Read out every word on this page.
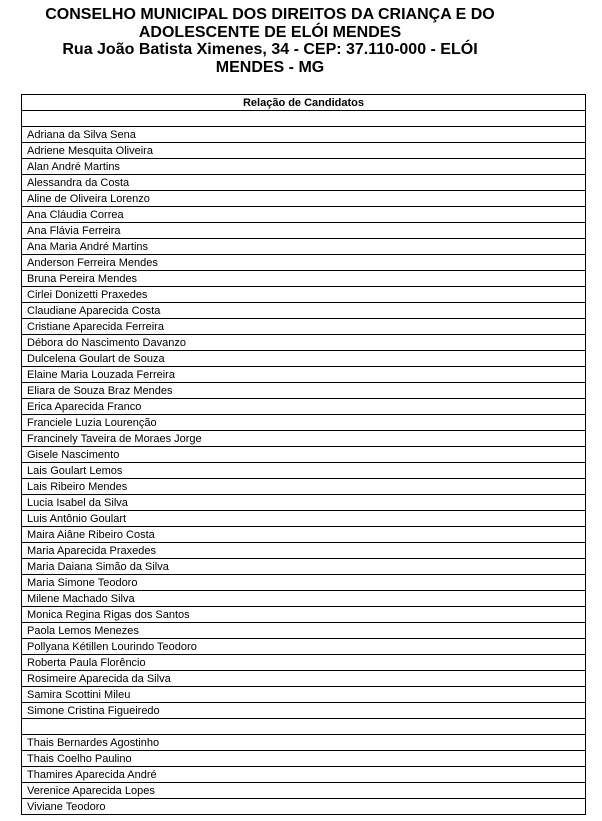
CONSELHO MUNICIPAL DOS DIREITOS DA CRIANÇA E DO
ADOLESCENTE DE ELÓI MENDES
Rua João Batista Ximenes, 34 - CEP: 37.110-000 - ELÓI
MENDES - MG
Relação de Candidatos

Adriana da Silva Sena
Adriene Mesquita Oliveira
Alan André Martins
Alessandra da Costa
Aline de Oliveira Lorenzo
Ana Cláudia Correa
Ana Flávia Ferreira
Ana Maria André Martins
Anderson Ferreira Mendes
Bruna Pereira Mendes
Cirlei Donizetti Praxedes
Claudiane Aparecida Costa
Cristiane Aparecida Ferreira
Débora do Nascimento Davanzo
Dulcelena Goulart de Souza
Elaine Maria Louzada Ferreira
Eliara de Souza Braz Mendes
Erica Aparecida Franco
Franciele Luzia Lourenção
Francinely Taveira de Moraes Jorge
Gisele Nascimento
Lais Goulart Lemos
Lais Ribeiro Mendes
Lucia Isabel da Silva
Luis Antônio Goulart
Maira Aiâne Ribeiro Costa
Maria Aparecida Praxedes
Maria Daiana Simão da Silva
Maria Simone Teodoro
Milene Machado Silva
Monica Regina Rigas dos Santos
Paola Lemos Menezes
Pollyana Kétillen Lourindo Teodoro
Roberta Paula Florêncio
Rosimeire Aparecida da Silva
Samira Scottini Mileu
Simone Cristina Figueiredo

Thais Bernardes Agostinho
Thais Coelho Paulino
Thamires Aparecida André
Verenice Aparecida Lopes
Viviane Teodoro
